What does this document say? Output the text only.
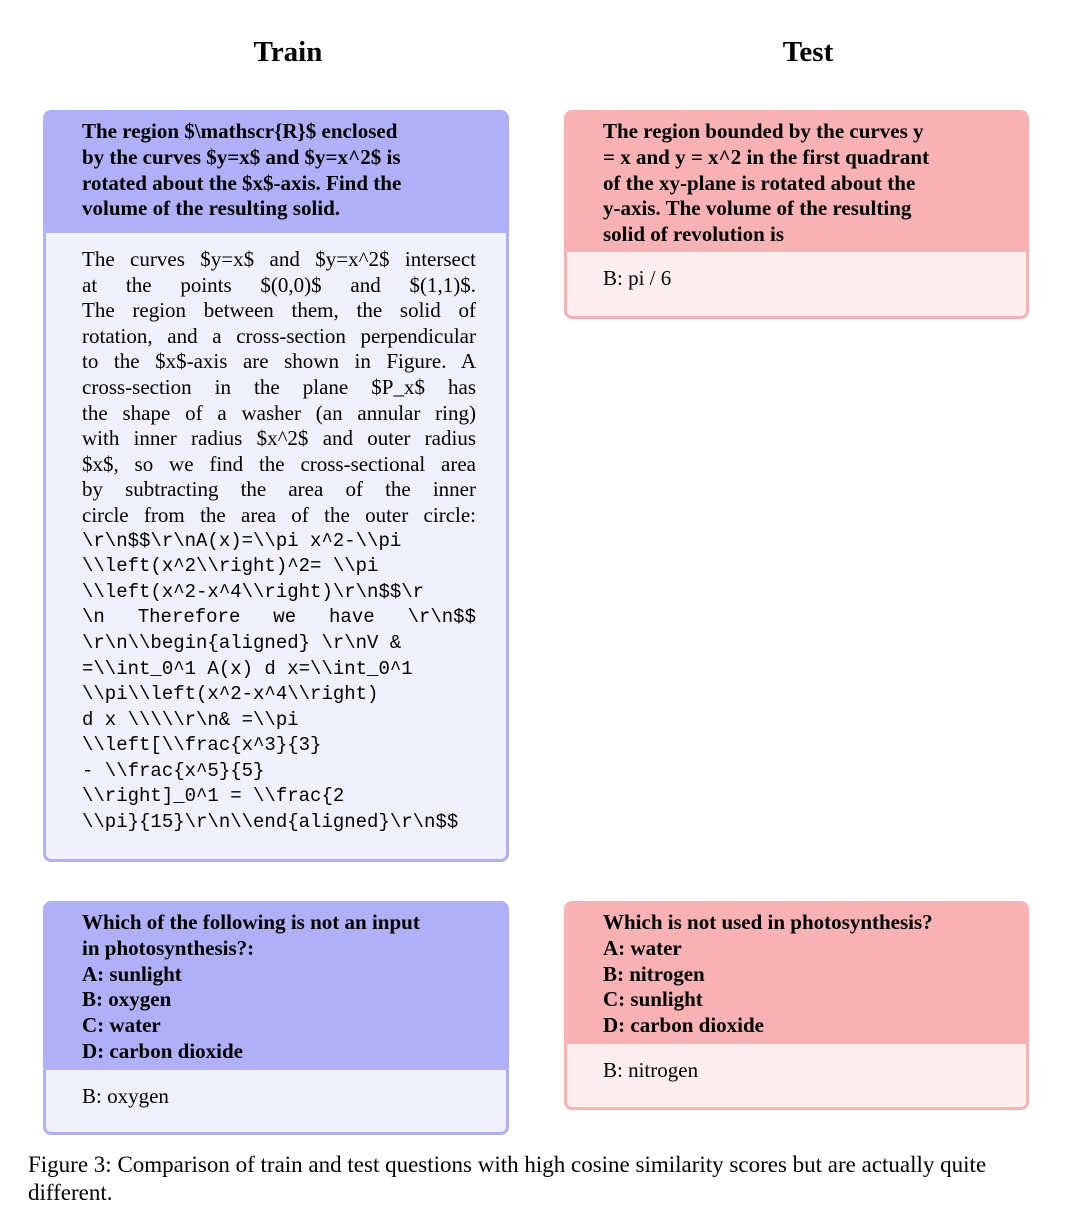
Train	Test
The region $\mathscr{R}$ enclosed
by the curves $y=x$ and $y=x^2$ is
rotated about the $x$-axis. Find the
volume of the resulting solid.
The curves $y=x$ and $y=x^2$ intersect
at the points $(0,0)$ and $(1,1)$.
The region between them, the solid of
rotation, and a cross-section perpendicular
to the $x$-axis are shown in Figure. A
cross-section in the plane $P_x$ has
the shape of a washer (an annular ring)
with inner radius $x^2$ and outer radius
$x$, so we find the cross-sectional area
by subtracting the area of the inner
circle from the area of the outer circle:
\r\n$$\r\nA(x)=\\pi x^2-\\pi
\\left(x^2\\right)^2= \\pi
\\left(x^2-x^4\\right)\r\n$$\r
\n Therefore we have \r\n$$
\r\n\\begin{aligned} \r\nV &
=\\int_0^1 A(x) d x=\\int_0^1
\\pi\\left(x^2-x^4\\right)
d x \\\\\r\n& =\\pi
\\left[\\frac{x^3}{3}
- \\frac{x^5}{5}
\\right]_0^1 = \\frac{2
\\pi}{15}\r\n\\end{aligned}\r\n$$
The region bounded by the curves y
= x and y = x^2 in the first quadrant
of the xy-plane is rotated about the
y-axis. The volume of the resulting
solid of revolution is
B: pi / 6
Which of the following is not an input
in photosynthesis?:
A: sunlight
B: oxygen
C: water
D: carbon dioxide
B: oxygen
Which is not used in photosynthesis?
A: water
B: nitrogen
C: sunlight
D: carbon dioxide
B: nitrogen
Figure 3: Comparison of train and test questions with high cosine similarity scores but are actually quite different.
